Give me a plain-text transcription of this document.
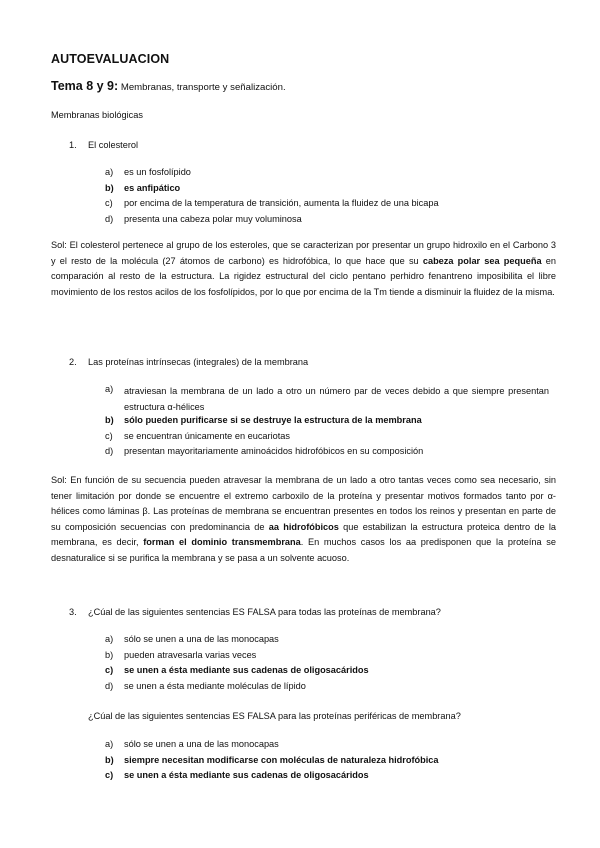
AUTOEVALUACION
Tema 8 y 9: Membranas, transporte y señalización.
Membranas biológicas
1. El colesterol
a) es un fosfolípido
b) es anfipático
c) por encima de la temperatura de transición, aumenta la fluidez de una bicapa
d) presenta una cabeza polar muy voluminosa
Sol: El colesterol pertenece al grupo de los esteroles, que se caracterizan por presentar un grupo hidroxilo en el Carbono 3 y el resto de la molécula (27 átomos de carbono) es hidrofóbica, lo que hace que su cabeza polar sea pequeña en comparación al resto de la estructura. La rigidez estructural del ciclo pentano perhidro fenantreno imposibilita el libre movimiento de los restos acilos de los fosfolípidos, por lo que por encima de la Tm tiende a disminuir la fluidez de la misma.
2. Las proteínas intrínsecas (integrales) de la membrana
a) atraviesan la membrana de un lado a otro un número par de veces debido a que siempre presentan estructura α-hélices
b) sólo pueden purificarse si se destruye la estructura de la membrana
c) se encuentran únicamente en eucariotas
d) presentan mayoritariamente aminoácidos hidrofóbicos en su composición
Sol: En función de su secuencia pueden atravesar la membrana de un lado a otro tantas veces como sea necesario, sin tener limitación por donde se encuentre el extremo carboxilo de la proteína y presentar motivos formados tanto por α-hélices como láminas β. Las proteínas de membrana se encuentran presentes en todos los reinos y presentan en parte de su composición secuencias con predominancia de aa hidrofóbicos que estabilizan la estructura proteica dentro de la membrana, es decir, forman el dominio transmembrana. En muchos casos los aa predisponen que la proteína se desnaturalice si se purifica la membrana y se pasa a un solvente acuoso.
3. ¿Cúal de las siguientes sentencias ES FALSA para todas las proteínas de membrana?
a) sólo se unen a una de las monocapas
b) pueden atravesarla varias veces
c) se unen a ésta mediante sus cadenas de oligosacáridos
d) se unen a ésta mediante moléculas de lípido
¿Cúal de las siguientes sentencias ES FALSA para las proteínas periféricas de membrana?
a) sólo se unen a una de las monocapas
b) siempre necesitan modificarse con moléculas de naturaleza hidrofóbica
c) se unen a ésta mediante sus cadenas de oligosacáridos
